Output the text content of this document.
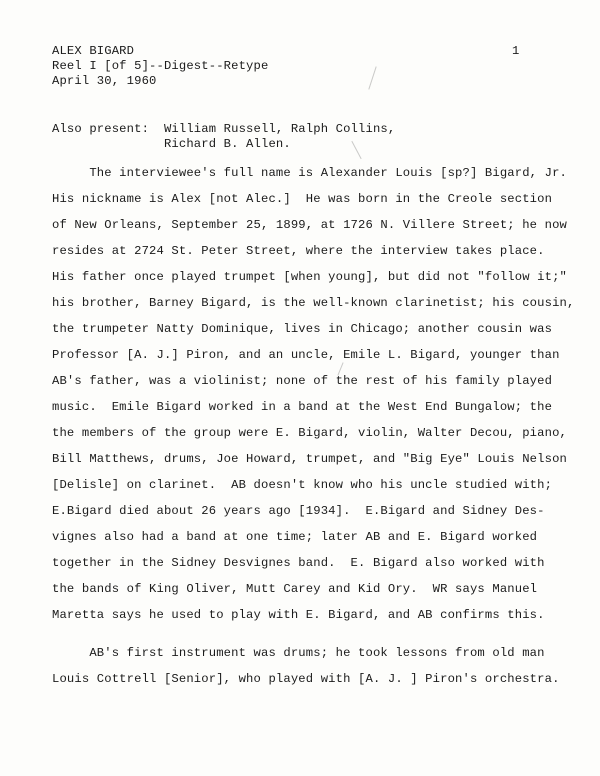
ALEX BIGARD
Reel I [of 5]--Digest--Retype
April 30, 1960
1
Also present:  William Russell, Ralph Collins,
Richard B. Allen.
The interviewee's full name is Alexander Louis [sp?] Bigard, Jr.
His nickname is Alex [not Alec.]  He was born in the Creole section
of New Orleans, September 25, 1899, at 1726 N. Villere Street; he now
resides at 2724 St. Peter Street, where the interview takes place.
His father once played trumpet [when young], but did not "follow it;"
his brother, Barney Bigard, is the well-known clarinetist; his cousin,
the trumpeter Natty Dominique, lives in Chicago; another cousin was
Professor [A. J.] Piron, and an uncle, Emile L. Bigard, younger than
AB's father, was a violinist; none of the rest of his family played
music.  Emile Bigard worked in a band at the West End Bungalow; the
the members of the group were E. Bigard, violin, Walter Decou, piano,
Bill Matthews, drums, Joe Howard, trumpet, and "Big Eye" Louis Nelson
[Delisle] on clarinet.  AB doesn't know who his uncle studied with;
E.Bigard died about 26 years ago [1934].  E.Bigard and Sidney Des-
vignes also had a band at one time; later AB and E. Bigard worked
together in the Sidney Desvignes band.  E. Bigard also worked with
the bands of King Oliver, Mutt Carey and Kid Ory.  WR says Manuel
Maretta says he used to play with E. Bigard, and AB confirms this.
AB's first instrument was drums; he took lessons from old man
Louis Cottrell [Senior], who played with [A. J. ] Piron's orchestra.
